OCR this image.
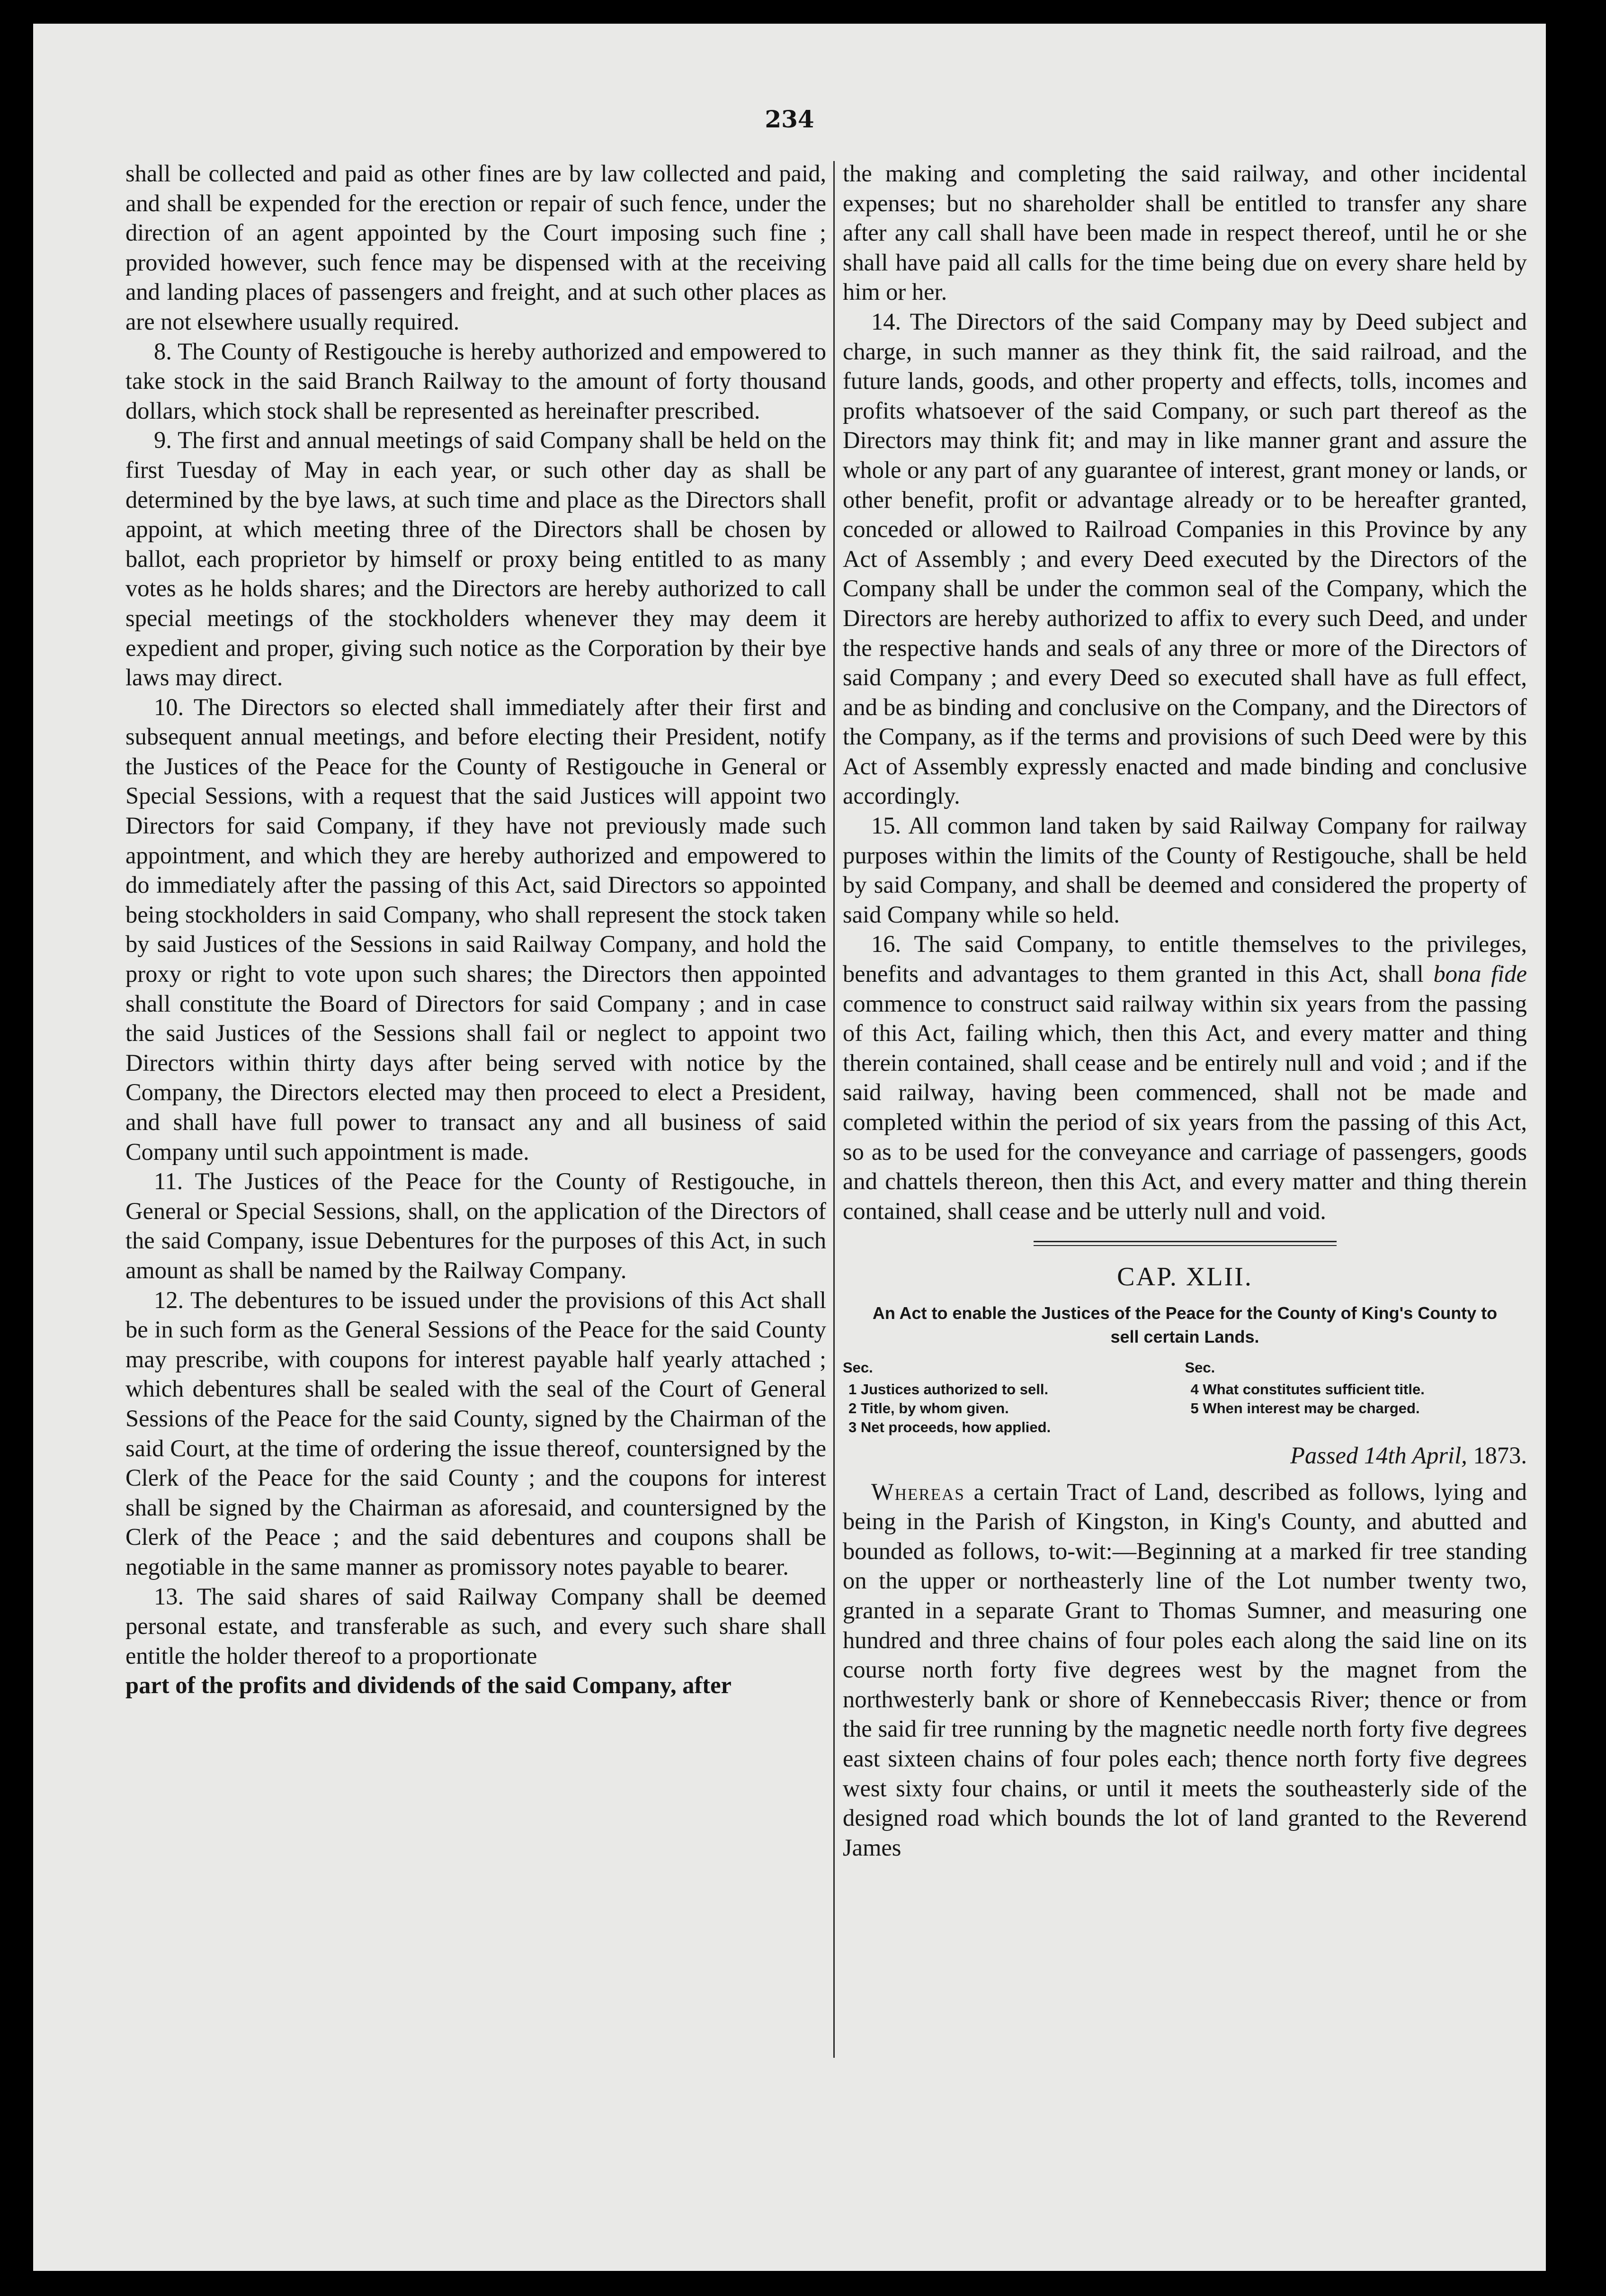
234

shall be collected and paid as other fines are by law collected and paid, and shall be expended for the erection or repair of such fence, under the direction of an agent appointed by the Court imposing such fine ; provided however, such fence may be dispensed with at the receiving and landing places of passengers and freight, and at such other places as are not elsewhere usually required.

8. The County of Restigouche is hereby authorized and empowered to take stock in the said Branch Railway to the amount of forty thousand dollars, which stock shall be represented as hereinafter prescribed.

9. The first and annual meetings of said Company shall be held on the first Tuesday of May in each year, or such other day as shall be determined by the bye laws, at such time and place as the Directors shall appoint, at which meeting three of the Directors shall be chosen by ballot, each proprietor by himself or proxy being entitled to as many votes as he holds shares; and the Directors are hereby authorized to call special meetings of the stockholders whenever they may deem it expedient and proper, giving such notice as the Corporation by their bye laws may direct.

10. The Directors so elected shall immediately after their first and subsequent annual meetings, and before electing their President, notify the Justices of the Peace for the County of Restigouche in General or Special Sessions, with a request that the said Justices will appoint two Directors for said Company, if they have not previously made such appointment, and which they are hereby authorized and empowered to do immediately after the passing of this Act, said Directors so appointed being stockholders in said Company, who shall represent the stock taken by said Justices of the Sessions in said Railway Company, and hold the proxy or right to vote upon such shares; the Directors then appointed shall constitute the Board of Directors for said Company ; and in case the said Justices of the Sessions shall fail or neglect to appoint two Directors within thirty days after being served with notice by the Company, the Directors elected may then proceed to elect a President, and shall have full power to transact any and all business of said Company until such appointment is made.

11. The Justices of the Peace for the County of Restigouche, in General or Special Sessions, shall, on the application of the Directors of the said Company, issue Debentures for the purposes of this Act, in such amount as shall be named by the Railway Company.

12. The debentures to be issued under the provisions of this Act shall be in such form as the General Sessions of the Peace for the said County may prescribe, with coupons for interest payable half yearly attached ; which debentures shall be sealed with the seal of the Court of General Sessions of the Peace for the said County, signed by the Chairman of the said Court, at the time of ordering the issue thereof, countersigned by the Clerk of the Peace for the said County ; and the coupons for interest shall be signed by the Chairman as aforesaid, and countersigned by the Clerk of the Peace ; and the said debentures and coupons shall be negotiable in the same manner as promissory notes payable to bearer.

13. The said shares of said Railway Company shall be deemed personal estate, and transferable as such, and every such share shall entitle the holder thereof to a proportionate

part of the profits and dividends of the said Company, after

the making and completing the said railway, and other incidental expenses; but no shareholder shall be entitled to transfer any share after any call shall have been made in respect thereof, until he or she shall have paid all calls for the time being due on every share held by him or her.

14. The Directors of the said Company may by Deed subject and charge, in such manner as they think fit, the said railroad, and the future lands, goods, and other property and effects, tolls, incomes and profits whatsoever of the said Company, or such part thereof as the Directors may think fit; and may in like manner grant and assure the whole or any part of any guarantee of interest, grant money or lands, or other benefit, profit or advantage already or to be hereafter granted, conceded or allowed to Railroad Companies in this Province by any Act of Assembly ; and every Deed executed by the Directors of the Company shall be under the common seal of the Company, which the Directors are hereby authorized to affix to every such Deed, and under the respective hands and seals of any three or more of the Directors of said Company ; and every Deed so executed shall have as full effect, and be as binding and conclusive on the Company, and the Directors of the Company, as if the terms and provisions of such Deed were by this Act of Assembly expressly enacted and made binding and conclusive accordingly.

15. All common land taken by said Railway Company for railway purposes within the limits of the County of Restigouche, shall be held by said Company, and shall be deemed and considered the property of said Company while so held.

16. The said Company, to entitle themselves to the privileges, benefits and advantages to them granted in this Act, shall bona fide commence to construct said railway within six years from the passing of this Act, failing which, then this Act, and every matter and thing therein contained, shall cease and be entirely null and void ; and if the said railway, having been commenced, shall not be made and completed within the period of six years from the passing of this Act, so as to be used for the conveyance and carriage of passengers, goods and chattels thereon, then this Act, and every matter and thing therein contained, shall cease and be utterly null and void.

CAP. XLII.
An Act to enable the Justices of the Peace for the County of King's County to sell certain Lands.
Sec.
1 Justices authorized to sell.
2 Title, by whom given.
3 Net proceeds, how applied.
Sec.
4 What constitutes sufficient title.
5 When interest may be charged.
Passed 14th April, 1873.

Whereas a certain Tract of Land, described as follows, lying and being in the Parish of Kingston, in King's County, and abutted and bounded as follows, to-wit:—Beginning at a marked fir tree standing on the upper or northeasterly line of the Lot number twenty two, granted in a separate Grant to Thomas Sumner, and measuring one hundred and three chains of four poles each along the said line on its course north forty five degrees west by the magnet from the northwesterly bank or shore of Kennebeccasis River; thence or from the said fir tree running by the magnetic needle north forty five degrees east sixteen chains of four poles each; thence north forty five degrees west sixty four chains, or until it meets the southeasterly side of the designed road which bounds the lot of land granted to the Reverend James
